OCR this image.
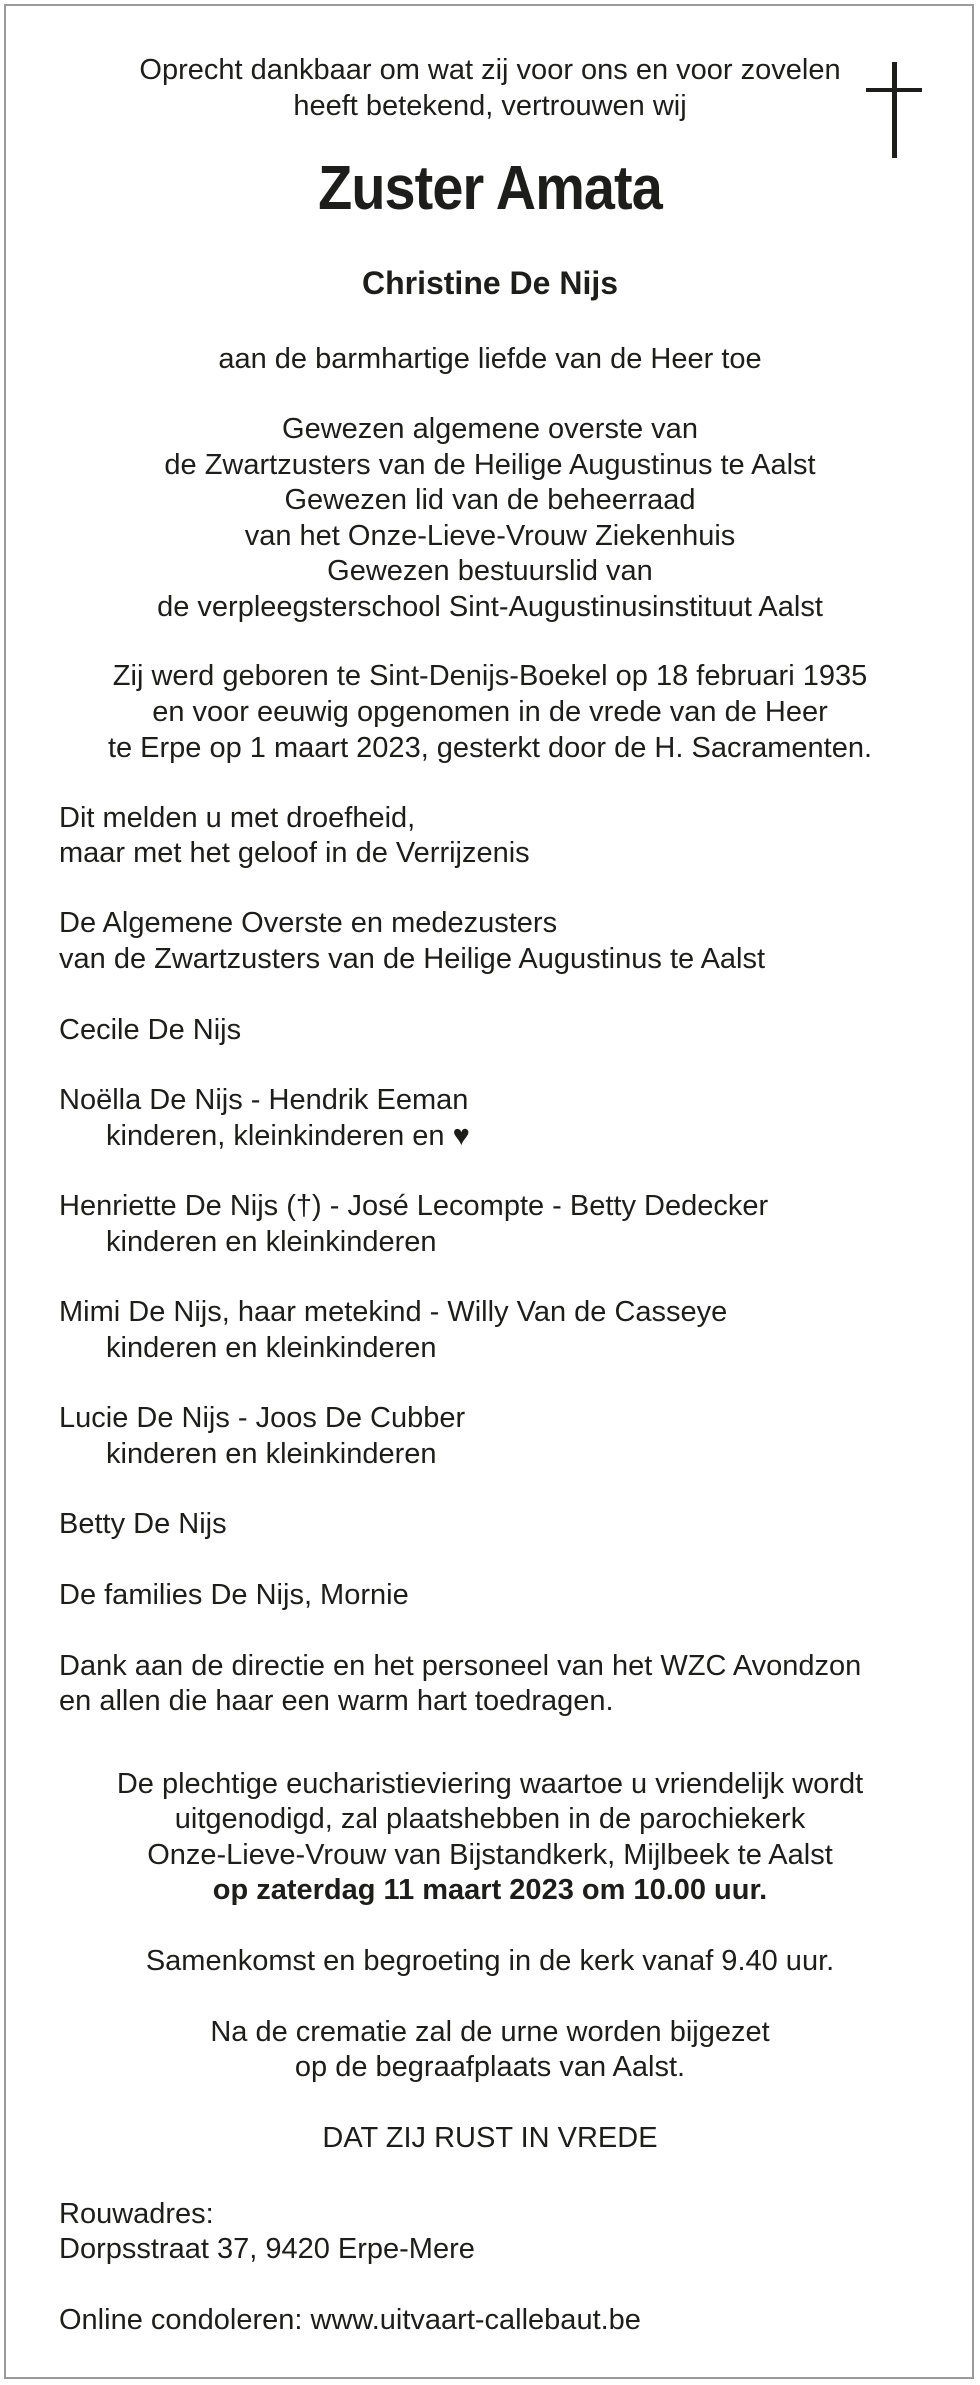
Oprecht dankbaar om wat zij voor ons en voor zovelen
heeft betekend, vertrouwen wij
Zuster Amata
Christine De Nijs
aan de barmhartige liefde van de Heer toe
Gewezen algemene overste van
de Zwartzusters van de Heilige Augustinus te Aalst
Gewezen lid van de beheerraad
van het Onze-Lieve-Vrouw Ziekenhuis
Gewezen bestuurslid van
de verpleegsterschool Sint-Augustinusinstituut Aalst
Zij werd geboren te Sint-Denijs-Boekel op 18 februari 1935
en voor eeuwig opgenomen in de vrede van de Heer
te Erpe op 1 maart 2023, gesterkt door de H. Sacramenten.
Dit melden u met droefheid,
maar met het geloof in de Verrijzenis
De Algemene Overste en medezusters
van de Zwartzusters van de Heilige Augustinus te Aalst
Cecile De Nijs
Noëlla De Nijs - Hendrik Eeman
kinderen, kleinkinderen en ♥
Henriette De Nijs (†) - José Lecompte - Betty Dedecker
kinderen en kleinkinderen
Mimi De Nijs, haar metekind - Willy Van de Casseye
kinderen en kleinkinderen
Lucie De Nijs - Joos De Cubber
kinderen en kleinkinderen
Betty De Nijs
De families De Nijs, Mornie
Dank aan de directie en het personeel van het WZC Avondzon
en allen die haar een warm hart toedragen.
De plechtige eucharistieviering waartoe u vriendelijk wordt
uitgenodigd, zal plaatshebben in de parochiekerk
Onze-Lieve-Vrouw van Bijstandkerk, Mijlbeek te Aalst
op zaterdag 11 maart 2023 om 10.00 uur.
Samenkomst en begroeting in de kerk vanaf 9.40 uur.
Na de crematie zal de urne worden bijgezet
op de begraafplaats van Aalst.
DAT ZIJ RUST IN VREDE
Rouwadres:
Dorpsstraat 37, 9420 Erpe-Mere
Online condoleren: www.uitvaart-callebaut.be
